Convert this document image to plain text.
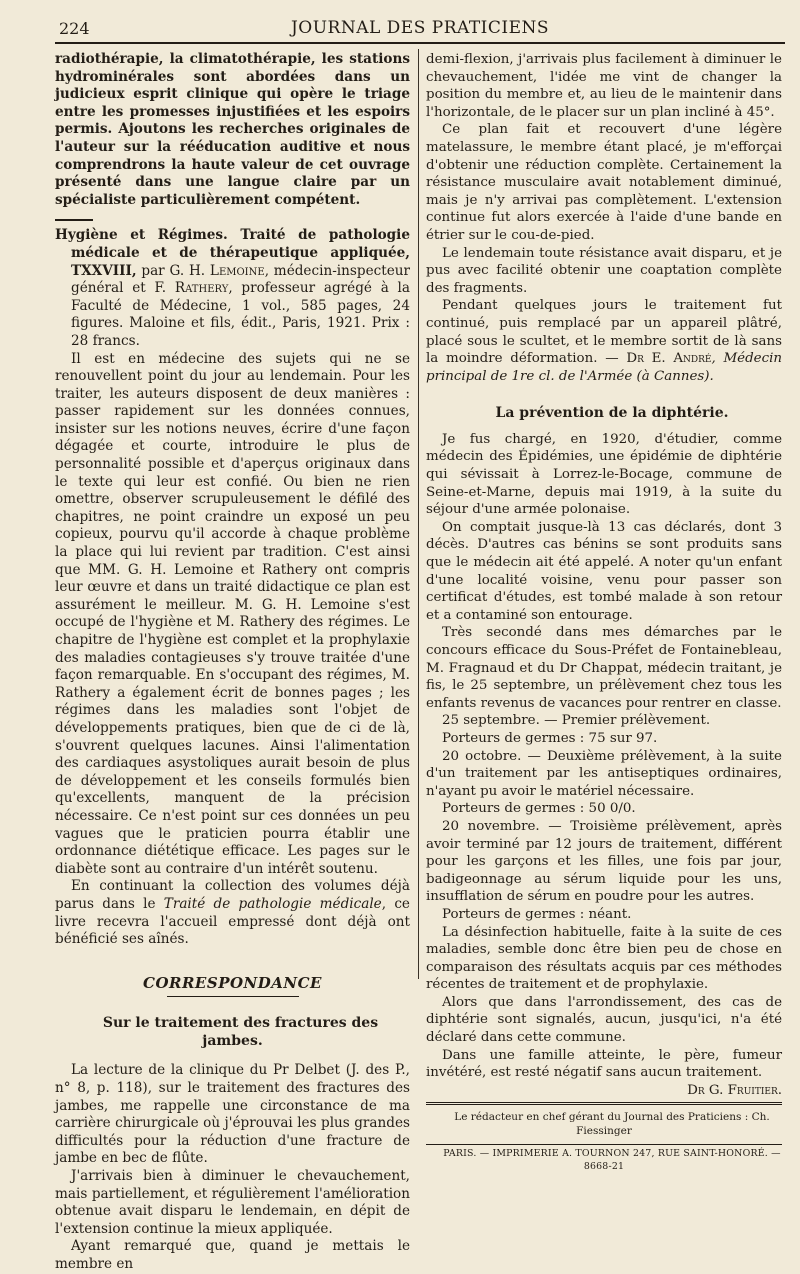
224	JOURNAL DES PRATICIENS

radiothérapie, la climatothérapie, les stations hydrominérales sont abordées dans un judicieux esprit clinique qui opère le triage entre les promesses injustifiées et les espoirs permis. Ajoutons les recherches originales de l'auteur sur la rééducation auditive et nous comprendrons la haute valeur de cet ouvrage présenté dans une langue claire par un spécialiste particulièrement compétent.

Hygiène et Régimes. Traité de pathologie médicale et de thérapeutique appliquée, TXXVIII, par G. H. Lemoine, médecin-inspecteur général et F. Rathery, professeur agrégé à la Faculté de Médecine, 1 vol., 585 pages, 24 figures. Maloine et fils, édit., Paris, 1921. Prix : 28 francs.

Il est en médecine des sujets qui ne se renouvellent point du jour au lendemain. Pour les traiter, les auteurs disposent de deux manières : passer rapidement sur les données connues, insister sur les notions neuves, écrire d'une façon dégagée et courte, introduire le plus de personnalité possible et d'aperçus originaux dans le texte qui leur est confié. Ou bien ne rien omettre, observer scrupuleusement le défilé des chapitres, ne point craindre un exposé un peu copieux, pourvu qu'il accorde à chaque problème la place qui lui revient par tradition. C'est ainsi que MM. G. H. Lemoine et Rathery ont compris leur œuvre et dans un traité didactique ce plan est assurément le meilleur. M. G. H. Lemoine s'est occupé de l'hygiène et M. Rathery des régimes. Le chapitre de l'hygiène est complet et la prophylaxie des maladies contagieuses s'y trouve traitée d'une façon remarquable. En s'occupant des régimes, M. Rathery a également écrit de bonnes pages ; les régimes dans les maladies sont l'objet de développements pratiques, bien que de ci de là, s'ouvrent quelques lacunes. Ainsi l'alimentation des cardiaques asystoliques aurait besoin de plus de développement et les conseils formulés bien qu'excellents, manquent de la précision nécessaire. Ce n'est point sur ces données un peu vagues que le praticien pourra établir une ordonnance diététique efficace. Les pages sur le diabète sont au contraire d'un intérêt soutenu.

En continuant la collection des volumes déjà parus dans le Traité de pathologie médicale, ce livre recevra l'accueil empressé dont déjà ont bénéficié ses aînés.

CORRESPONDANCE

Sur le traitement des fractures des jambes.

La lecture de la clinique du Pr Delbet (J. des P., n° 8, p. 118), sur le traitement des fractures des jambes, me rappelle une circonstance de ma carrière chirurgicale où j'éprouvai les plus grandes difficultés pour la réduction d'une fracture de jambe en bec de flûte.

J'arrivais bien à diminuer le chevauchement, mais partiellement, et régulièrement l'amélioration obtenue avait disparu le lendemain, en dépit de l'extension continue la mieux appliquée.

Ayant remarqué que, quand je mettais le membre en

demi-flexion, j'arrivais plus facilement à diminuer le chevauchement, l'idée me vint de changer la position du membre et, au lieu de le maintenir dans l'horizontale, de le placer sur un plan incliné à 45°.

Ce plan fait et recouvert d'une légère matelassure, le membre étant placé, je m'efforçai d'obtenir une réduction complète. Certainement la résistance musculaire avait notablement diminué, mais je n'y arrivai pas complètement. L'extension continue fut alors exercée à l'aide d'une bande en étrier sur le cou-de-pied.

Le lendemain toute résistance avait disparu, et je pus avec facilité obtenir une coaptation complète des fragments.

Pendant quelques jours le traitement fut continué, puis remplacé par un appareil plâtré, placé sous le scultet, et le membre sortit de là sans la moindre déformation. — Dr E. André, Médecin principal de 1re cl. de l'Armée (à Cannes).

La prévention de la diphtérie.

Je fus chargé, en 1920, d'étudier, comme médecin des Épidémies, une épidémie de diphtérie qui sévissait à Lorrez-le-Bocage, commune de Seine-et-Marne, depuis mai 1919, à la suite du séjour d'une armée polonaise.

On comptait jusque-là 13 cas déclarés, dont 3 décès. D'autres cas bénins se sont produits sans que le médecin ait été appelé. A noter qu'un enfant d'une localité voisine, venu pour passer son certificat d'études, est tombé malade à son retour et a contaminé son entourage.

Très secondé dans mes démarches par le concours efficace du Sous-Préfet de Fontainebleau, M. Fragnaud et du Dr Chappat, médecin traitant, je fis, le 25 septembre, un prélèvement chez tous les enfants revenus de vacances pour rentrer en classe.

25 septembre. — Premier prélèvement.

Porteurs de germes : 75 sur 97.

20 octobre. — Deuxième prélèvement, à la suite d'un traitement par les antiseptiques ordinaires, n'ayant pu avoir le matériel nécessaire.

Porteurs de germes : 50 0/0.

20 novembre. — Troisième prélèvement, après avoir terminé par 12 jours de traitement, différent pour les garçons et les filles, une fois par jour, badigeonnage au sérum liquide pour les uns, insufflation de sérum en poudre pour les autres.

Porteurs de germes : néant.

La désinfection habituelle, faite à la suite de ces maladies, semble donc être bien peu de chose en comparaison des résultats acquis par ces méthodes récentes de traitement et de prophylaxie.

Alors que dans l'arrondissement, des cas de diphtérie sont signalés, aucun, jusqu'ici, n'a été déclaré dans cette commune.

Dans une famille atteinte, le père, fumeur invétéré, est resté négatif sans aucun traitement.

Dr G. Fruitier.

Le rédacteur en chef gérant du Journal des Praticiens : Ch. Fiessinger

PARIS. — IMPRIMERIE A. TOURNON 247, RUE SAINT-HONORÉ. — 8668-21
